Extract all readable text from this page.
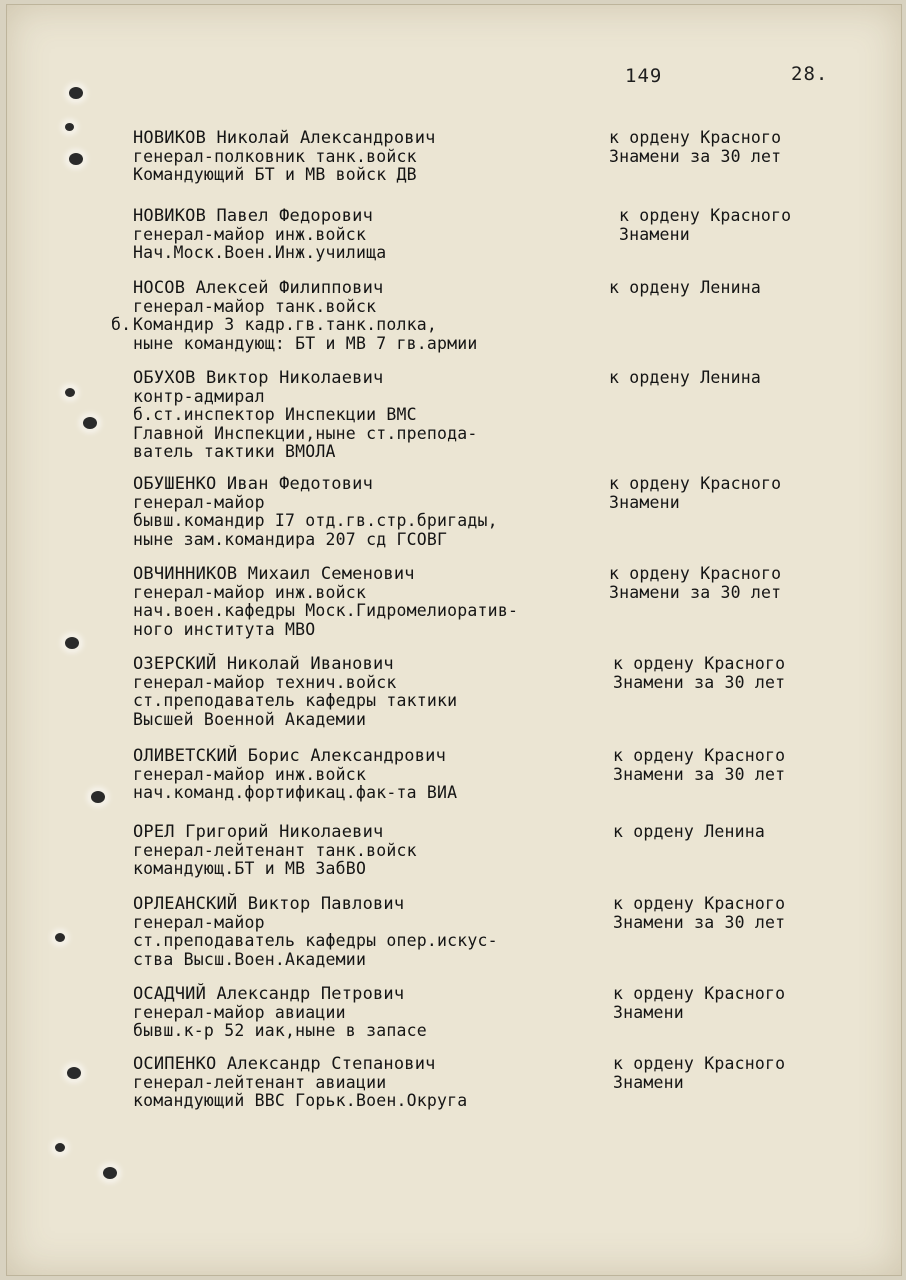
149	28.
НОВИКОВ Николай Александрович
генерал-полковник танк.войск
Командующий БТ и МВ войск ДВ
к ордену Красного
Знамени за 30 лет
НОВИКОВ Павел Федорович
генерал-майор инж.войск
Нач.Моск.Воен.Инж.училища
к ордену Красного
Знамени
НОСОВ Алексей Филиппович
генерал-майор танк.войск
б. Командир 3 кадр.гв.танк.полка,
ныне командующ: БТ и МВ 7 гв.армии
к ордену Ленина
ОБУХОВ Виктор Николаевич
контр-адмирал
б.ст.инспектор Инспекции ВМС
Главной Инспекции,ныне ст.препода-
ватель тактики ВМОЛА
к ордену Ленина
ОБУШЕНКО Иван Федотович
генерал-майор
бывш.командир I7 отд.гв.стр.бригады,
ныне зам.командира 207 сд ГСОВГ
к ордену Красного
Знамени
ОВЧИННИКОВ Михаил Семенович
генерал-майор инж.войск
нач.воен.кафедры Моск.Гидромелиоратив-
ного института МВО
к ордену Красного
Знамени за 30 лет
ОЗЕРСКИЙ Николай Иванович
генерал-майор технич.войск
ст.преподаватель кафедры тактики
Высшей Военной Академии
к ордену Красного
Знамени за 30 лет
ОЛИВЕТСКИЙ Борис Александрович
генерал-майор инж.войск
нач.команд.фортификац.фак-та ВИА
к ордену Красного
Знамени за 30 лет
ОРЕЛ Григорий Николаевич
генерал-лейтенант танк.войск
командующ.БТ и МВ ЗабВО
к ордену Ленина
ОРЛЕАНСКИЙ Виктор Павлович
генерал-майор
ст.преподаватель кафедры опер.искус-
ства Высш.Воен.Академии
к ордену Красного
Знамени за 30 лет
ОСАДЧИЙ Александр Петрович
генерал-майор авиации
бывш.к-р 52 иак,ныне в запасе
к ордену Красного
Знамени
ОСИПЕНКО Александр Степанович
генерал-лейтенант авиации
командующий ВВС Горьк.Воен.Округа
к ордену Красного
Знамени
